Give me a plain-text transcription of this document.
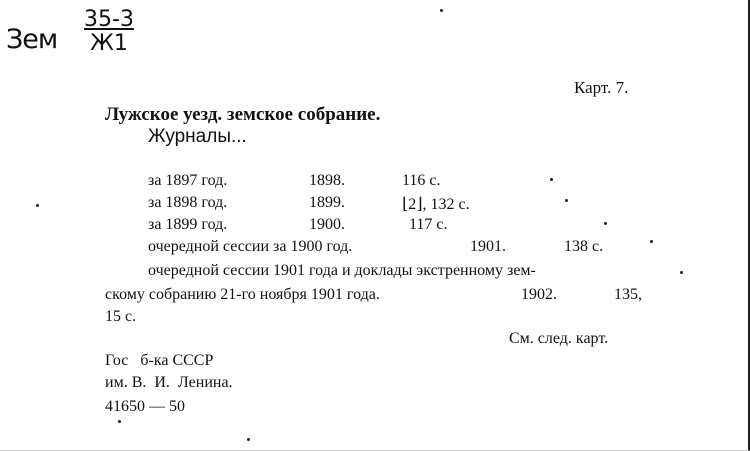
Зем
35-3
Ж1
Карт. 7.
Лужское уезд. земское собрание.
Журналы...
за 1897 год.	1898.	116 с.
за 1898 год.	1899.	⌊2⌋, 132 с.
за 1899 год.	1900.	117 с.
очередной сессии за 1900 год.	1901.	138 с.
очередной сессии 1901 года и доклады экстренному зем-
скому собранию 21-го ноября 1901 года.	1902.	135,
15 с.
См. след. карт.
Гос   б-ка СССР
им. В.  И.  Ленина.
41650 — 50
